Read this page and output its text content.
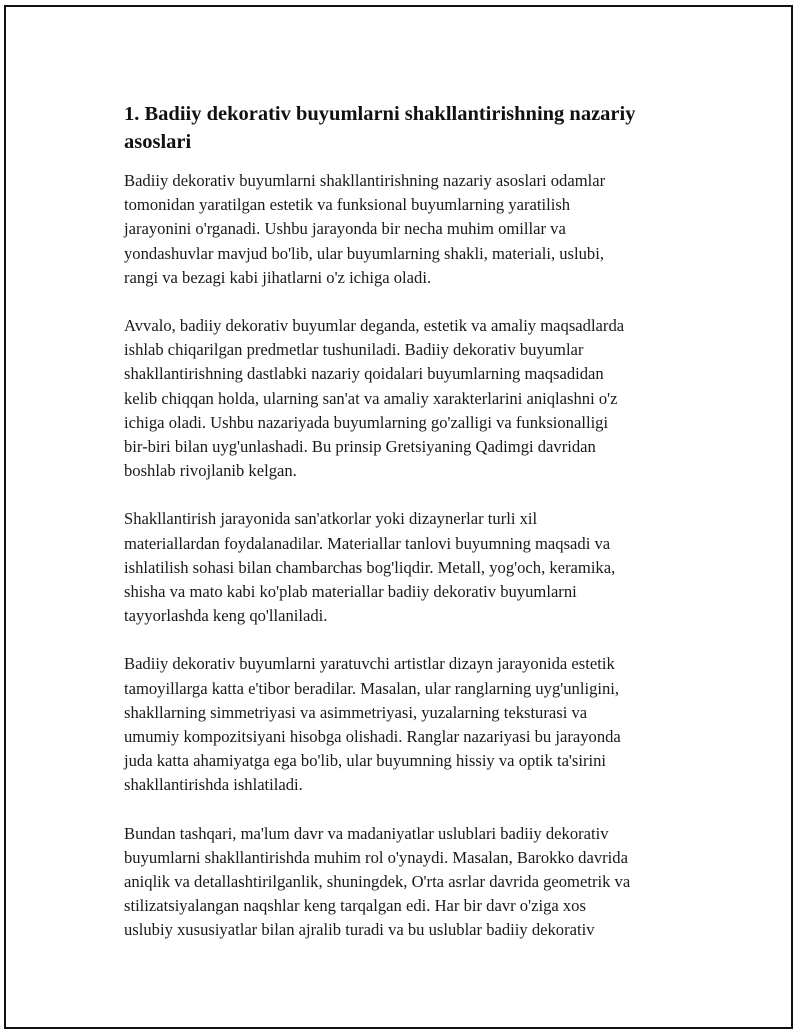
1. Badiiy dekorativ buyumlarni shakllantirishning nazariy
asoslari

Badiiy dekorativ buyumlarni shakllantirishning nazariy asoslari odamlar
tomonidan yaratilgan estetik va funksional buyumlarning yaratilish
jarayonini o'rganadi. Ushbu jarayonda bir necha muhim omillar va
yondashuvlar mavjud bo'lib, ular buyumlarning shakli, materiali, uslubi,
rangi va bezagi kabi jihatlarni o'z ichiga oladi.

Avvalo, badiiy dekorativ buyumlar deganda, estetik va amaliy maqsadlarda
ishlab chiqarilgan predmetlar tushuniladi. Badiiy dekorativ buyumlar
shakllantirishning dastlabki nazariy qoidalari buyumlarning maqsadidan
kelib chiqqan holda, ularning san'at va amaliy xarakterlarini aniqlashni o'z
ichiga oladi. Ushbu nazariyada buyumlarning go'zalligi va funksionalligi
bir-biri bilan uyg'unlashadi. Bu prinsip Gretsiyaning Qadimgi davridan
boshlab rivojlanib kelgan.

Shakllantirish jarayonida san'atkorlar yoki dizaynerlar turli xil
materiallardan foydalanadilar. Materiallar tanlovi buyumning maqsadi va
ishlatilish sohasi bilan chambarchas bog'liqdir. Metall, yog'och, keramika,
shisha va mato kabi ko'plab materiallar badiiy dekorativ buyumlarni
tayyorlashda keng qo'llaniladi.

Badiiy dekorativ buyumlarni yaratuvchi artistlar dizayn jarayonida estetik
tamoyillarga katta e'tibor beradilar. Masalan, ular ranglarning uyg'unligini,
shakllarning simmetriyasi va asimmetriyasi, yuzalarning teksturasi va
umumiy kompozitsiyani hisobga olishadi. Ranglar nazariyasi bu jarayonda
juda katta ahamiyatga ega bo'lib, ular buyumning hissiy va optik ta'sirini
shakllantirishda ishlatiladi.

Bundan tashqari, ma'lum davr va madaniyatlar uslublari badiiy dekorativ
buyumlarni shakllantirishda muhim rol o'ynaydi. Masalan, Barokko davrida
aniqlik va detallashtirilganlik, shuningdek, O'rta asrlar davrida geometrik va
stilizatsiyalangan naqshlar keng tarqalgan edi. Har bir davr o'ziga xos
uslubiy xususiyatlar bilan ajralib turadi va bu uslublar badiiy dekorativ
